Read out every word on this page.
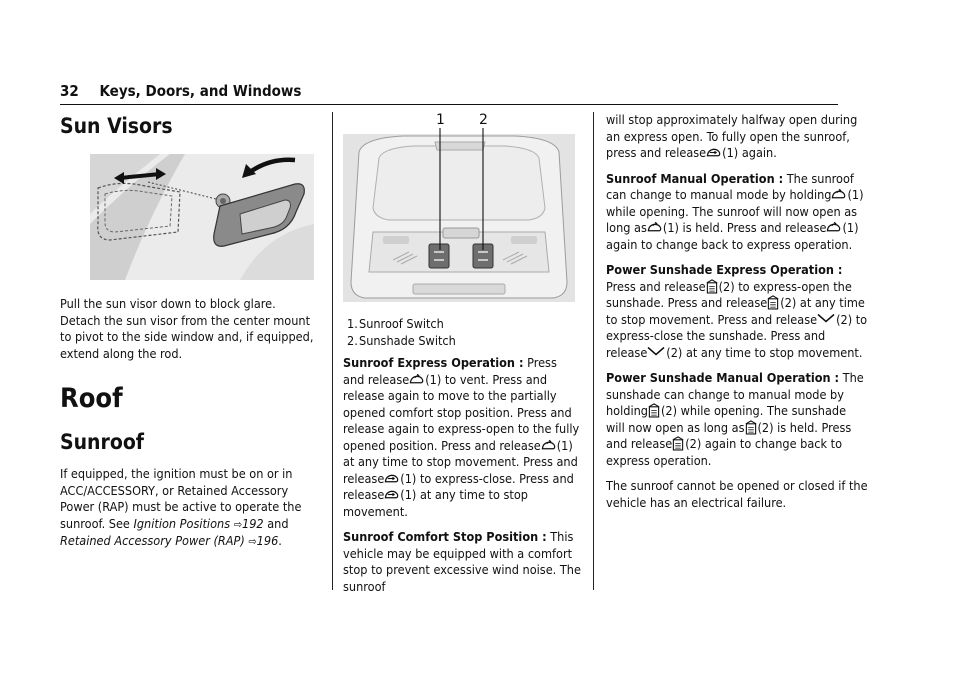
32 Keys, Doors, and Windows
Sun Visors

Pull the sun visor down to block glare. Detach the sun visor from the center mount to pivot to the side window and, if equipped, extend along the rod.

Roof
Sunroof

If equipped, the ignition must be on or in ACC/ACCESSORY, or Retained Accessory Power (RAP) must be active to operate the sunroof. See Ignition Positions ⇨192 and Retained Accessory Power (RAP) ⇨196.

1 2
1. Sunroof Switch
2. Sunshade Switch

Sunroof Express Operation : Press and release (1) to vent. Press and release again to move to the partially opened comfort stop position. Press and release again to express-open to the fully opened position. Press and release (1) at any time to stop movement. Press and release (1) to express-close. Press and release (1) at any time to stop movement.

Sunroof Comfort Stop Position : This vehicle may be equipped with a comfort stop to prevent excessive wind noise. The sunroof

will stop approximately halfway open during an express open. To fully open the sunroof, press and release (1) again.

Sunroof Manual Operation : The sunroof can change to manual mode by holding (1) while opening. The sunroof will now open as long as (1) is held. Press and release (1) again to change back to express operation.

Power Sunshade Express Operation : Press and release (2) to express-open the sunshade. Press and release (2) at any time to stop movement. Press and release (2) to express-close the sunshade. Press and release (2) at any time to stop movement.

Power Sunshade Manual Operation : The sunshade can change to manual mode by holding (2) while opening. The sunshade will now open as long as (2) is held. Press and release (2) again to change back to express operation.

The sunroof cannot be opened or closed if the vehicle has an electrical failure.
